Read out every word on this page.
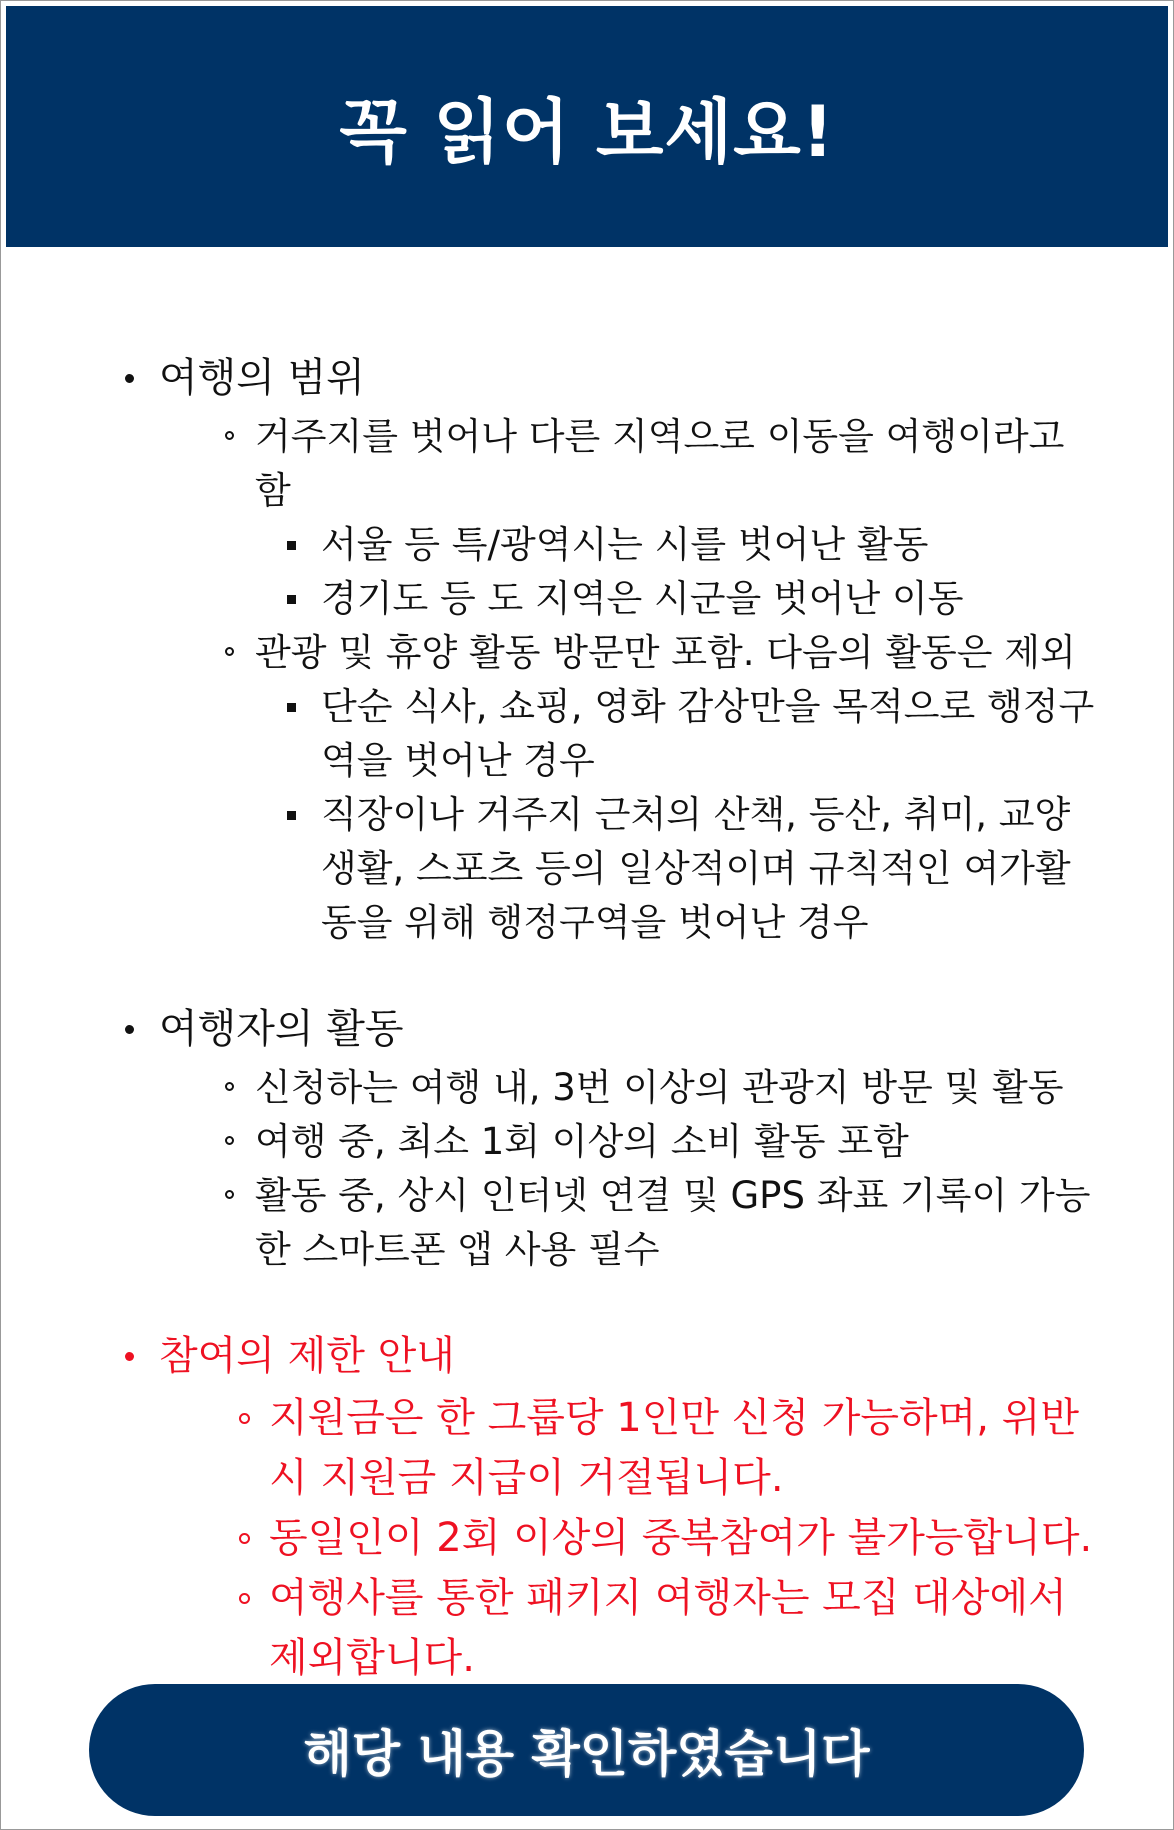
꼭 읽어 보세요!
여행의 범위
거주지를 벗어나 다른 지역으로 이동을 여행이라고 함
서울 등 특/광역시는 시를 벗어난 활동
경기도 등 도 지역은 시군을 벗어난 이동
관광 및 휴양 활동 방문만 포함. 다음의 활동은 제외
단순 식사, 쇼핑, 영화 감상만을 목적으로 행정구역을 벗어난 경우
직장이나 거주지 근처의 산책, 등산, 취미, 교양생활, 스포츠 등의 일상적이며 규칙적인 여가활동을 위해 행정구역을 벗어난 경우
여행자의 활동
신청하는 여행 내, 3번 이상의 관광지 방문 및 활동
여행 중, 최소 1회 이상의 소비 활동 포함
활동 중, 상시 인터넷 연결 및 GPS 좌표 기록이 가능한 스마트폰 앱 사용 필수
참여의 제한 안내
지원금은 한 그룹당 1인만 신청 가능하며, 위반 시 지원금 지급이 거절됩니다.
동일인이 2회 이상의 중복참여가 불가능합니다.
여행사를 통한 패키지 여행자는 모집 대상에서 제외합니다.
해당 내용 확인하였습니다
